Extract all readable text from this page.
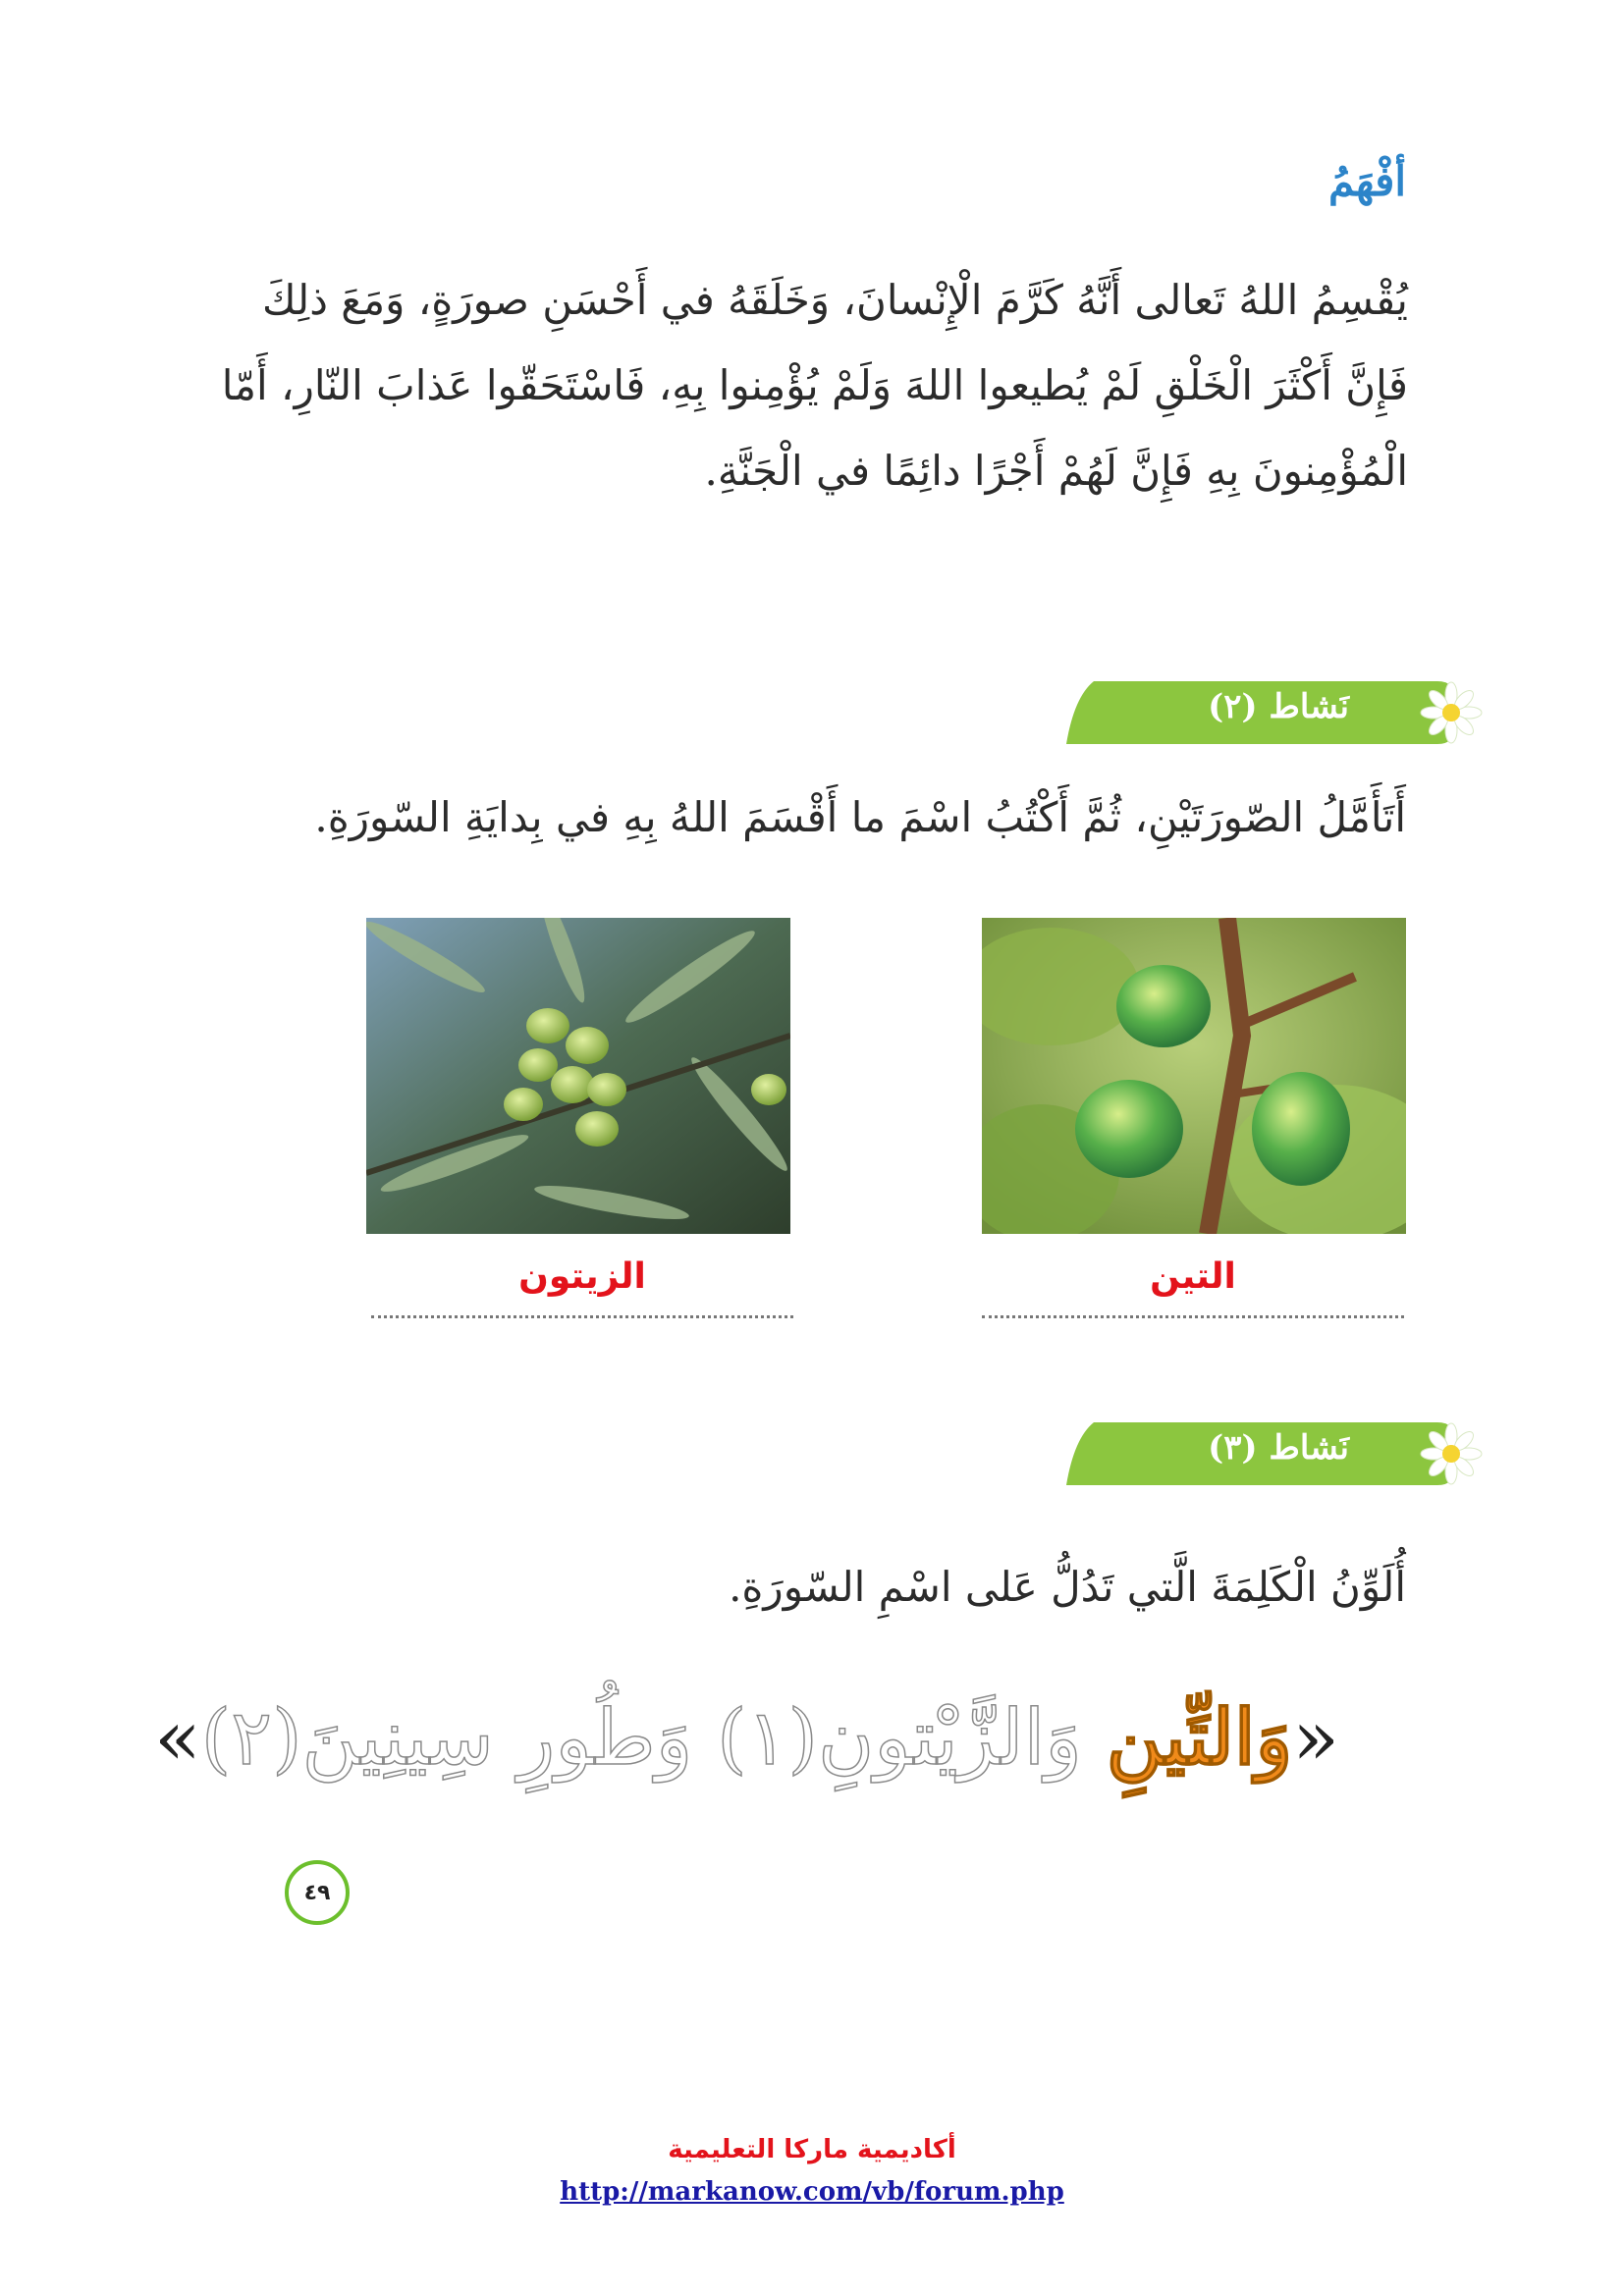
أفْهَمُ
يُقْسِمُ اللهُ تَعالى أَنَّهُ كَرَّمَ الْإِنْسانَ، وَخَلَقَهُ في أَحْسَنِ صورَةٍ، وَمَعَ ذلِكَ فَإِنَّ أَكْثَرَ الْخَلْقِ لَمْ يُطيعوا اللهَ وَلَمْ يُؤْمِنوا بِهِ، فَاسْتَحَقّوا عَذابَ النّارِ، أَمّا الْمُؤْمِنونَ بِهِ فَإِنَّ لَهُمْ أَجْرًا دائِمًا في الْجَنَّةِ.
نَشاط (٢)
أَتَأَمَّلُ الصّورَتَيْنِ، ثُمَّ أَكْتُبُ اسْمَ ما أَقْسَمَ اللهُ بِهِ في بِدايَةِ السّورَةِ.
التين
الزيتون
نَشاط (٣)
أُلَوِّنُ الْكَلِمَةَ الَّتي تَدُلُّ عَلى اسْمِ السّورَةِ.
«وَالتِّينِ وَالزَّيْتونِ(١) وَطُورِ سِينِينَ(٢)»
٤٩
أكاديمية ماركا التعليمية
http://markanow.com/vb/forum.php
